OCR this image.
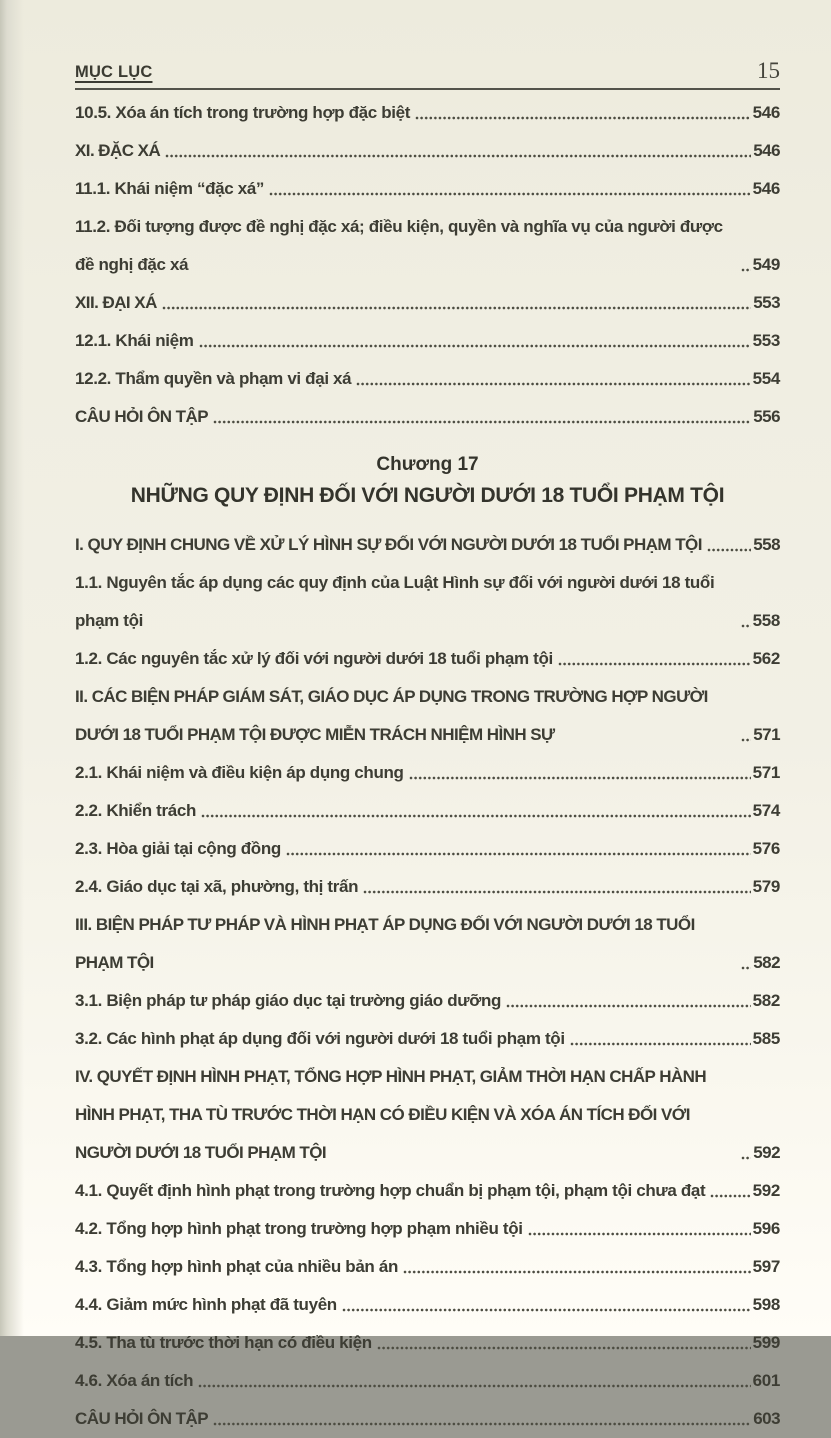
MỤC LỤC	15
10.5. Xóa án tích trong trường hợp đặc biệt	546
XI. ĐẶC XÁ	546
11.1. Khái niệm “đặc xá”	546
11.2. Đối tượng được đề nghị đặc xá; điều kiện, quyền và nghĩa vụ của người được đề nghị đặc xá	549
XII. ĐẠI XÁ	553
12.1. Khái niệm	553
12.2. Thẩm quyền và phạm vi đại xá	554
CÂU HỎI ÔN TẬP	556
Chương 17
NHỮNG QUY ĐỊNH ĐỐI VỚI NGƯỜI DƯỚI 18 TUỔI PHẠM TỘI
I. QUY ĐỊNH CHUNG VỀ XỬ LÝ HÌNH SỰ ĐỐI VỚI NGƯỜI DƯỚI 18 TUỔI PHẠM TỘI	558
1.1. Nguyên tắc áp dụng các quy định của Luật Hình sự đối với người dưới 18 tuổi phạm tội	558
1.2. Các nguyên tắc xử lý đối với người dưới 18 tuổi phạm tội	562
II. CÁC BIỆN PHÁP GIÁM SÁT, GIÁO DỤC ÁP DỤNG TRONG TRƯỜNG HỢP NGƯỜI DƯỚI 18 TUỔI PHẠM TỘI ĐƯỢC MIỄN TRÁCH NHIỆM HÌNH SỰ	571
2.1. Khái niệm và điều kiện áp dụng chung	571
2.2. Khiển trách	574
2.3. Hòa giải tại cộng đồng	576
2.4. Giáo dục tại xã, phường, thị trấn	579
III. BIỆN PHÁP TƯ PHÁP VÀ HÌNH PHẠT ÁP DỤNG ĐỐI VỚI NGƯỜI DƯỚI 18 TUỔI PHẠM TỘI	582
3.1. Biện pháp tư pháp giáo dục tại trường giáo dưỡng	582
3.2. Các hình phạt áp dụng đối với người dưới 18 tuổi phạm tội	585
IV. QUYẾT ĐỊNH HÌNH PHẠT, TỔNG HỢP HÌNH PHẠT, GIẢM THỜI HẠN CHẤP HÀNH HÌNH PHẠT, THA TÙ TRƯỚC THỜI HẠN CÓ ĐIỀU KIỆN VÀ XÓA ÁN TÍCH ĐỐI VỚI NGƯỜI DƯỚI 18 TUỔI PHẠM TỘI	592
4.1. Quyết định hình phạt trong trường hợp chuẩn bị phạm tội, phạm tội chưa đạt	592
4.2. Tổng hợp hình phạt trong trường hợp phạm nhiều tội	596
4.3. Tổng hợp hình phạt của nhiều bản án	597
4.4. Giảm mức hình phạt đã tuyên	598
4.5. Tha tù trước thời hạn có điều kiện	599
4.6. Xóa án tích	601
CÂU HỎI ÔN TẬP	603
